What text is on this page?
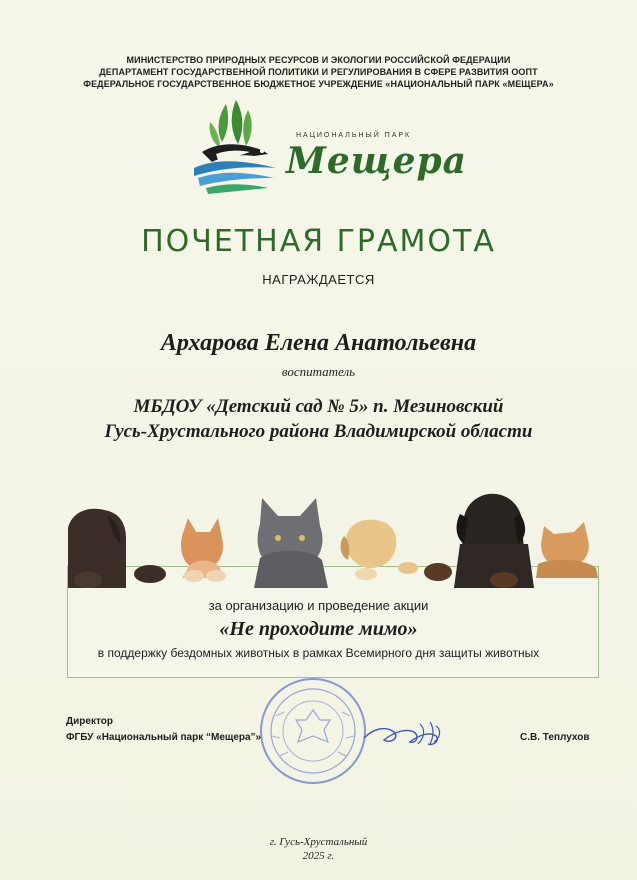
МИНИСТЕРСТВО ПРИРОДНЫХ РЕСУРСОВ И ЭКОЛОГИИ РОССИЙСКОЙ ФЕДЕРАЦИИ
ДЕПАРТАМЕНТ ГОСУДАРСТВЕННОЙ ПОЛИТИКИ И РЕГУЛИРОВАНИЯ В СФЕРЕ РАЗВИТИЯ ООПТ
ФЕДЕРАЛЬНОЕ ГОСУДАРСТВЕННОЕ БЮДЖЕТНОЕ УЧРЕЖДЕНИЕ «НАЦИОНАЛЬНЫЙ ПАРК «МЕЩЕРА»
НАЦИОНАЛЬНЫЙ ПАРК
Мещера
ПОЧЕТНАЯ ГРАМОТА
НАГРАЖДАЕТСЯ
Архарова Елена Анатольевна
воспитатель
МБДОУ «Детский сад № 5» п. Мезиновский
Гусь-Хрустального района Владимирской области
за организацию и проведение акции
«Не проходите мимо»
в поддержку бездомных животных в рамках Всемирного дня защиты животных
Директор
ФГБУ «Национальный парк “Мещера”»	С.В. Теплухов
г. Гусь-Хрустальный
2025 г.
